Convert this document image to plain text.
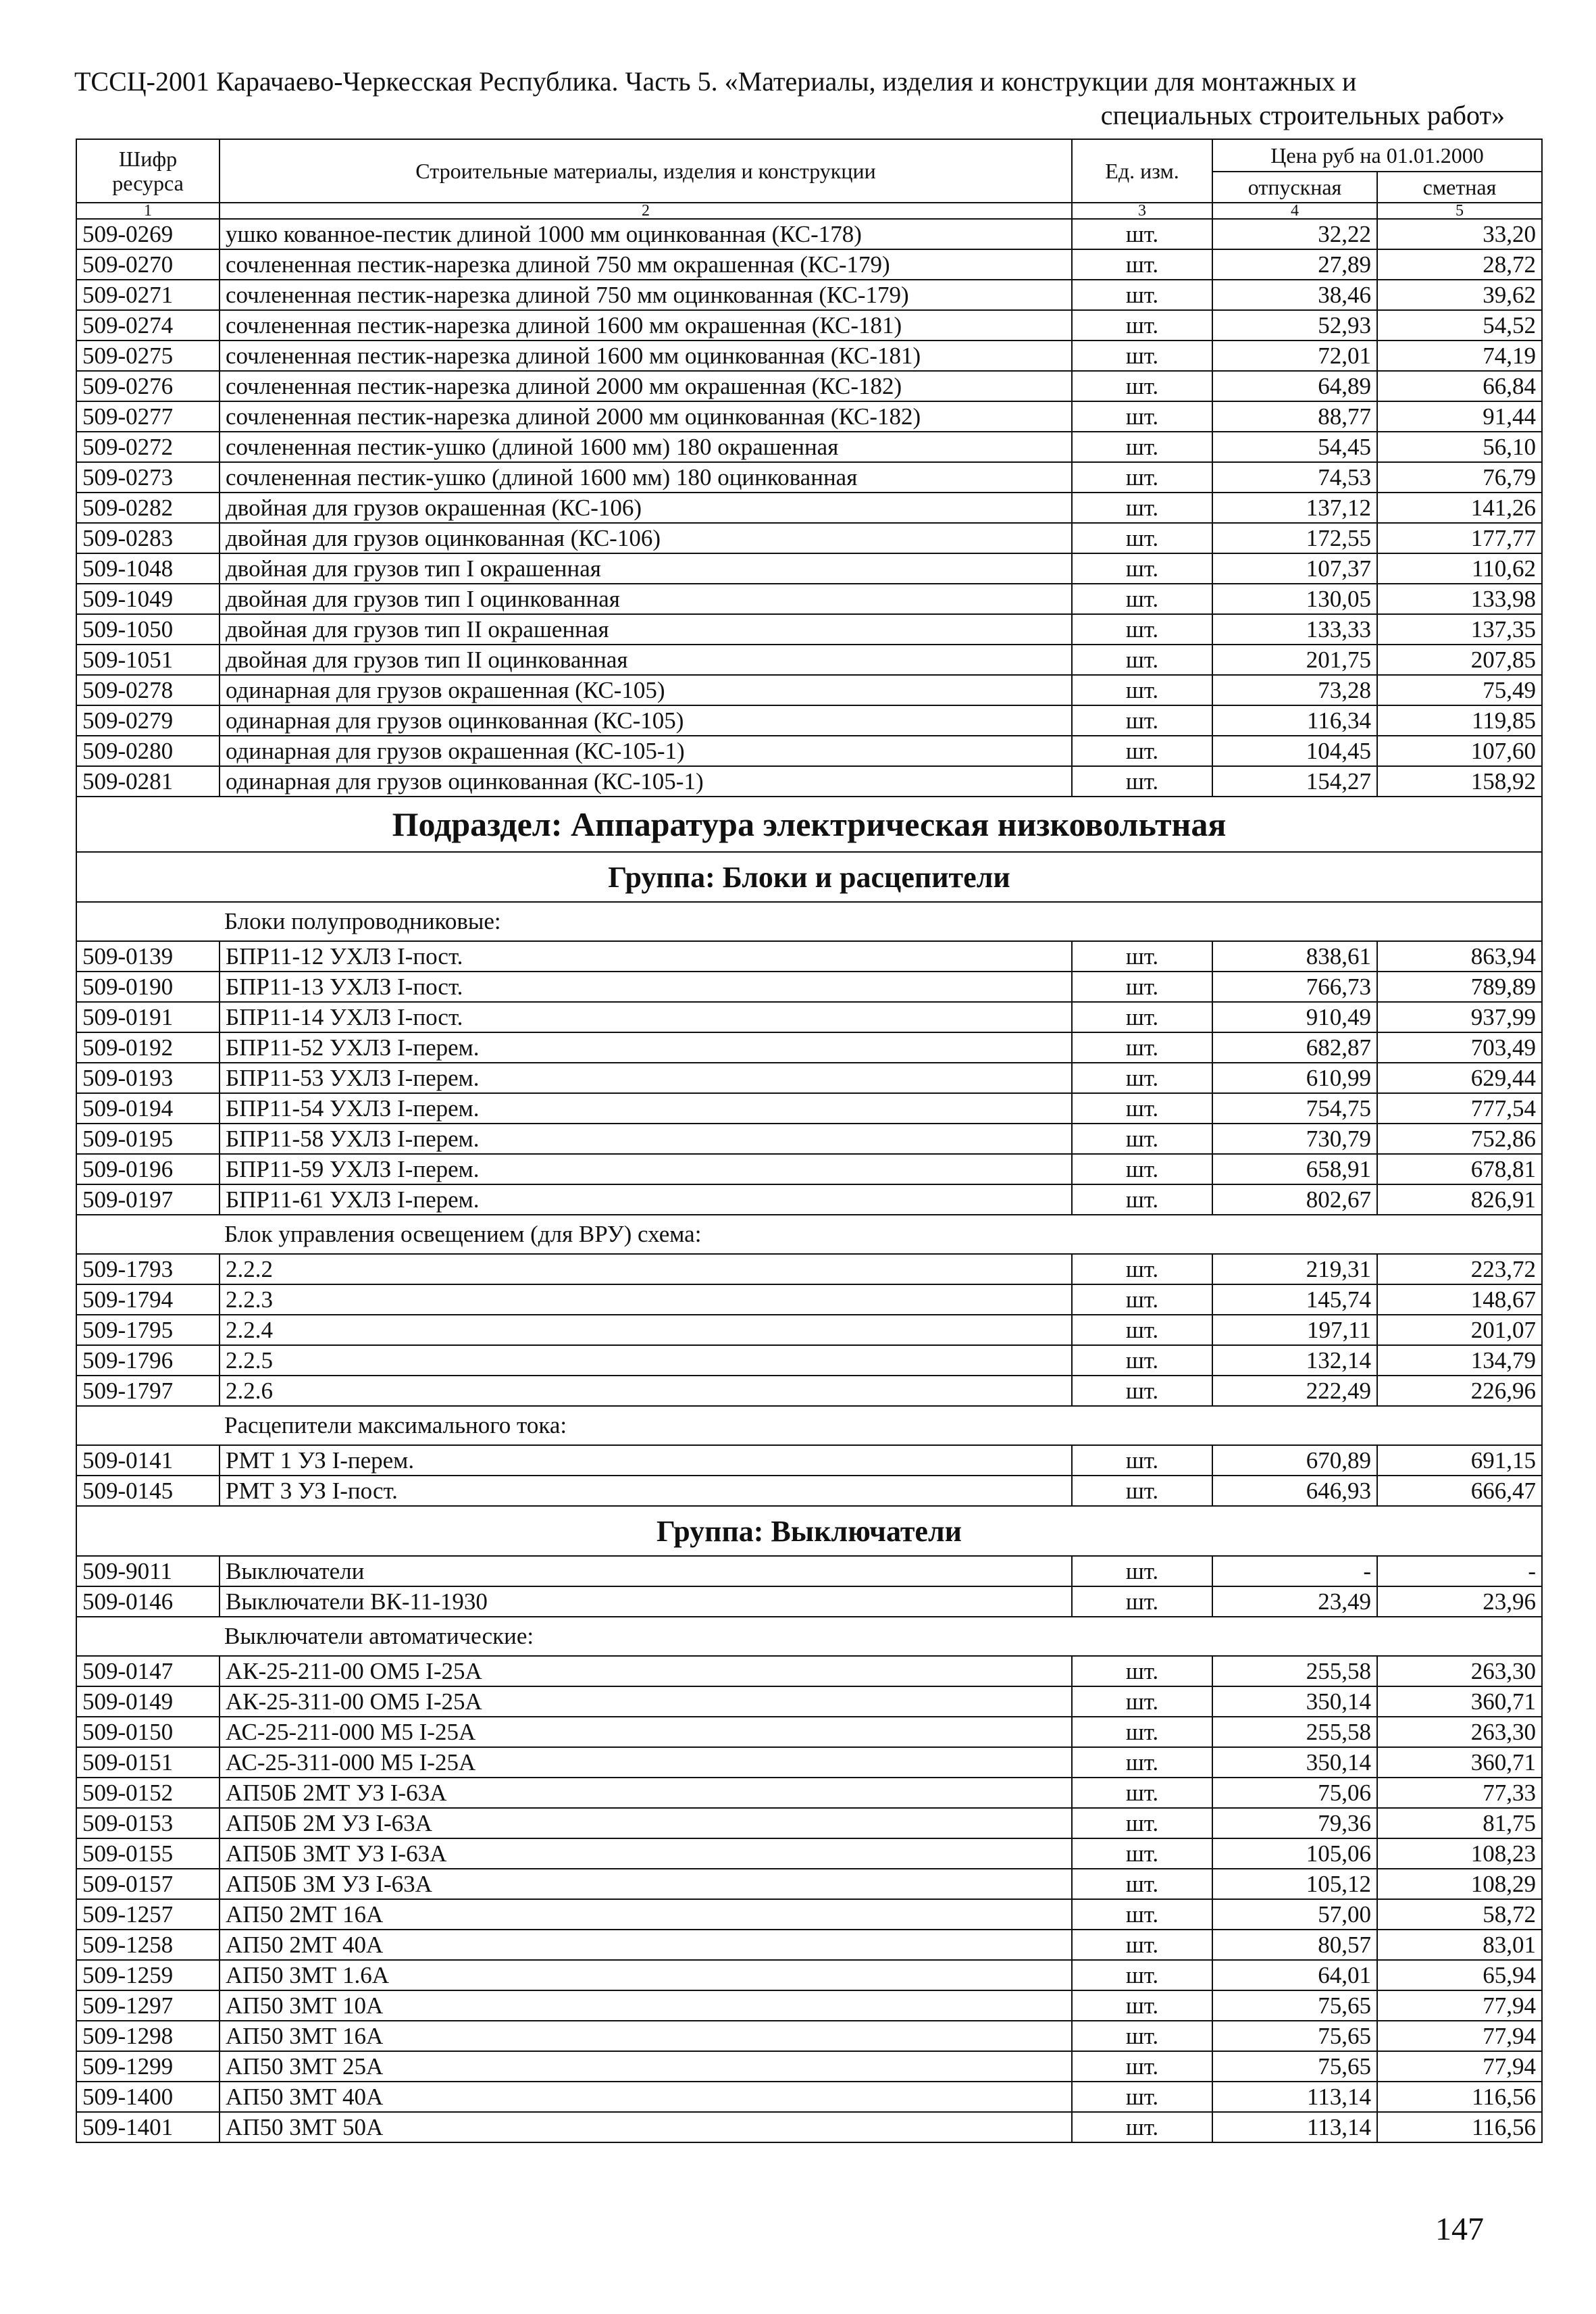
ТССЦ-2001 Карачаево-Черкесская Республика. Часть 5. «Материалы, изделия и конструкции для монтажных и
специальных строительных работ»
Шифр ресурса	Строительные материалы, изделия и конструкции	Ед. изм.	Цена руб на 01.01.2000	
			отпускная	сметная
1	2	3	4	5
509-0269	ушко кованное-пестик длиной 1000 мм оцинкованная (КС-178)	шт.	32,22	33,20
509-0270	сочлененная пестик-нарезка длиной 750 мм окрашенная (КС-179)	шт.	27,89	28,72
509-0271	сочлененная пестик-нарезка длиной 750 мм оцинкованная (КС-179)	шт.	38,46	39,62
509-0274	сочлененная пестик-нарезка длиной 1600 мм окрашенная (КС-181)	шт.	52,93	54,52
509-0275	сочлененная пестик-нарезка длиной 1600 мм оцинкованная (КС-181)	шт.	72,01	74,19
509-0276	сочлененная пестик-нарезка длиной 2000 мм окрашенная (КС-182)	шт.	64,89	66,84
509-0277	сочлененная пестик-нарезка длиной 2000 мм оцинкованная (КС-182)	шт.	88,77	91,44
509-0272	сочлененная пестик-ушко (длиной 1600 мм) 180 окрашенная	шт.	54,45	56,10
509-0273	сочлененная пестик-ушко (длиной 1600 мм) 180 оцинкованная	шт.	74,53	76,79
509-0282	двойная для грузов окрашенная (КС-106)	шт.	137,12	141,26
509-0283	двойная для грузов оцинкованная (КС-106)	шт.	172,55	177,77
509-1048	двойная для грузов тип I окрашенная	шт.	107,37	110,62
509-1049	двойная для грузов тип I оцинкованная	шт.	130,05	133,98
509-1050	двойная для грузов тип II окрашенная	шт.	133,33	137,35
509-1051	двойная для грузов тип II оцинкованная	шт.	201,75	207,85
509-0278	одинарная для грузов окрашенная (КС-105)	шт.	73,28	75,49
509-0279	одинарная для грузов оцинкованная (КС-105)	шт.	116,34	119,85
509-0280	одинарная для грузов окрашенная (КС-105-1)	шт.	104,45	107,60
509-0281	одинарная для грузов оцинкованная (КС-105-1)	шт.	154,27	158,92
Подраздел: Аппаратура электрическая низковольтная				
Группа: Блоки и расцепители				
Блоки полупроводниковые:				
509-0139	БПР11-12 УХЛЗ I-пост.	шт.	838,61	863,94
509-0190	БПР11-13 УХЛЗ I-пост.	шт.	766,73	789,89
509-0191	БПР11-14 УХЛЗ I-пост.	шт.	910,49	937,99
509-0192	БПР11-52 УХЛЗ I-перем.	шт.	682,87	703,49
509-0193	БПР11-53 УХЛЗ I-перем.	шт.	610,99	629,44
509-0194	БПР11-54 УХЛЗ I-перем.	шт.	754,75	777,54
509-0195	БПР11-58 УХЛЗ I-перем.	шт.	730,79	752,86
509-0196	БПР11-59 УХЛЗ I-перем.	шт.	658,91	678,81
509-0197	БПР11-61 УХЛЗ I-перем.	шт.	802,67	826,91
Блок управления освещением (для ВРУ) схема:				
509-1793	2.2.2	шт.	219,31	223,72
509-1794	2.2.3	шт.	145,74	148,67
509-1795	2.2.4	шт.	197,11	201,07
509-1796	2.2.5	шт.	132,14	134,79
509-1797	2.2.6	шт.	222,49	226,96
Расцепители максимального тока:				
509-0141	РМТ 1 УЗ I-перем.	шт.	670,89	691,15
509-0145	РМТ 3 УЗ I-пост.	шт.	646,93	666,47
Группа: Выключатели				
509-9011	Выключатели	шт.	-	-
509-0146	Выключатели ВК-11-1930	шт.	23,49	23,96
Выключатели автоматические:				
509-0147	АК-25-211-00 ОМ5 I-25А	шт.	255,58	263,30
509-0149	АК-25-311-00 ОМ5 I-25А	шт.	350,14	360,71
509-0150	АС-25-211-000 М5 I-25А	шт.	255,58	263,30
509-0151	АС-25-311-000 М5 I-25А	шт.	350,14	360,71
509-0152	АП50Б 2МТ УЗ I-63А	шт.	75,06	77,33
509-0153	АП50Б 2М УЗ I-63А	шт.	79,36	81,75
509-0155	АП50Б 3МТ УЗ I-63А	шт.	105,06	108,23
509-0157	АП50Б 3М УЗ I-63А	шт.	105,12	108,29
509-1257	АП50 2МТ 16А	шт.	57,00	58,72
509-1258	АП50 2МТ 40А	шт.	80,57	83,01
509-1259	АП50 3МТ 1.6А	шт.	64,01	65,94
509-1297	АП50 3МТ 10А	шт.	75,65	77,94
509-1298	АП50 3МТ 16А	шт.	75,65	77,94
509-1299	АП50 3МТ 25А	шт.	75,65	77,94
509-1400	АП50 3МТ 40А	шт.	113,14	116,56
509-1401	АП50 3МТ 50А	шт.	113,14	116,56
147
